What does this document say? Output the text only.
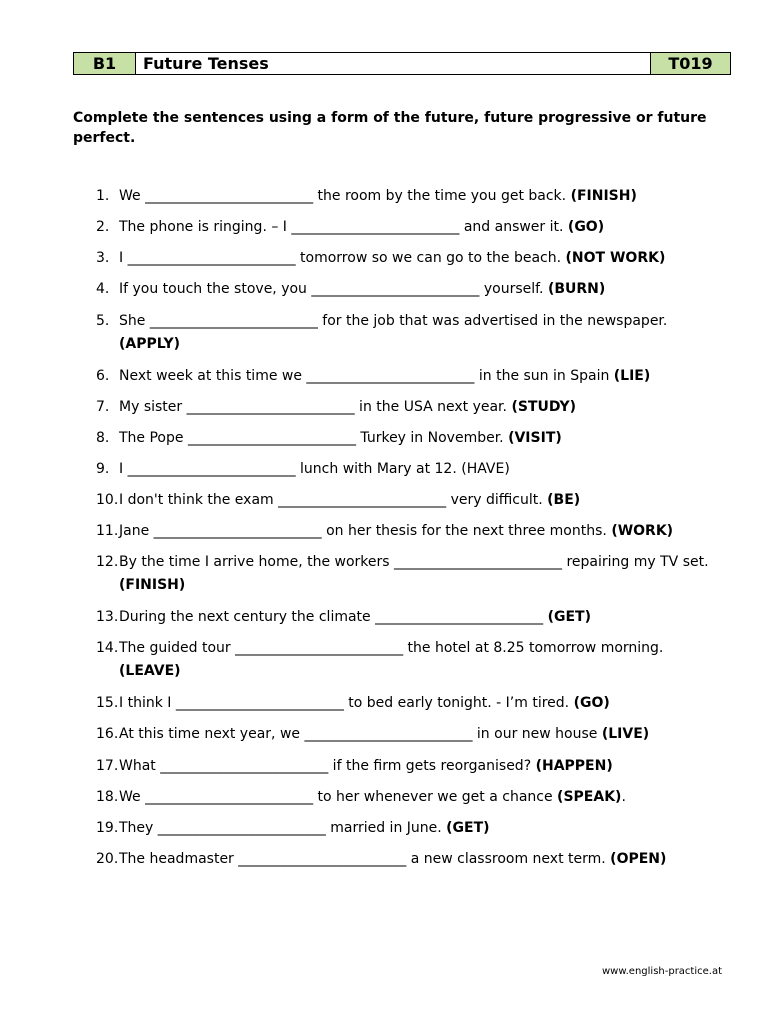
B1	Future Tenses	T019
Complete the sentences using a form of the future, future progressive or future perfect.
1. We ________________________ the room by the time you get back. (FINISH)
2. The phone is ringing. – I ________________________ and answer it. (GO)
3. I ________________________ tomorrow so we can go to the beach. (NOT WORK)
4. If you touch the stove, you ________________________ yourself. (BURN)
5. She ________________________ for the job that was advertised in the newspaper.
(APPLY)
6. Next week at this time we ________________________ in the sun in Spain (LIE)
7. My sister ________________________ in the USA next year. (STUDY)
8. The Pope ________________________ Turkey in November. (VISIT)
9. I ________________________ lunch with Mary at 12. (HAVE)
10. I don't think the exam ________________________ very difficult. (BE)
11. Jane ________________________ on her thesis for the next three months. (WORK)
12. By the time I arrive home, the workers ________________________ repairing my TV set.
(FINISH)
13. During the next century the climate ________________________ (GET)
14. The guided tour ________________________ the hotel at 8.25 tomorrow morning.
(LEAVE)
15. I think I ________________________ to bed early tonight. - I’m tired. (GO)
16. At this time next year, we ________________________ in our new house (LIVE)
17. What ________________________ if the firm gets reorganised? (HAPPEN)
18. We ________________________ to her whenever we get a chance (SPEAK).
19. They ________________________ married in June. (GET)
20. The headmaster ________________________ a new classroom next term. (OPEN)
www.english-practice.at
